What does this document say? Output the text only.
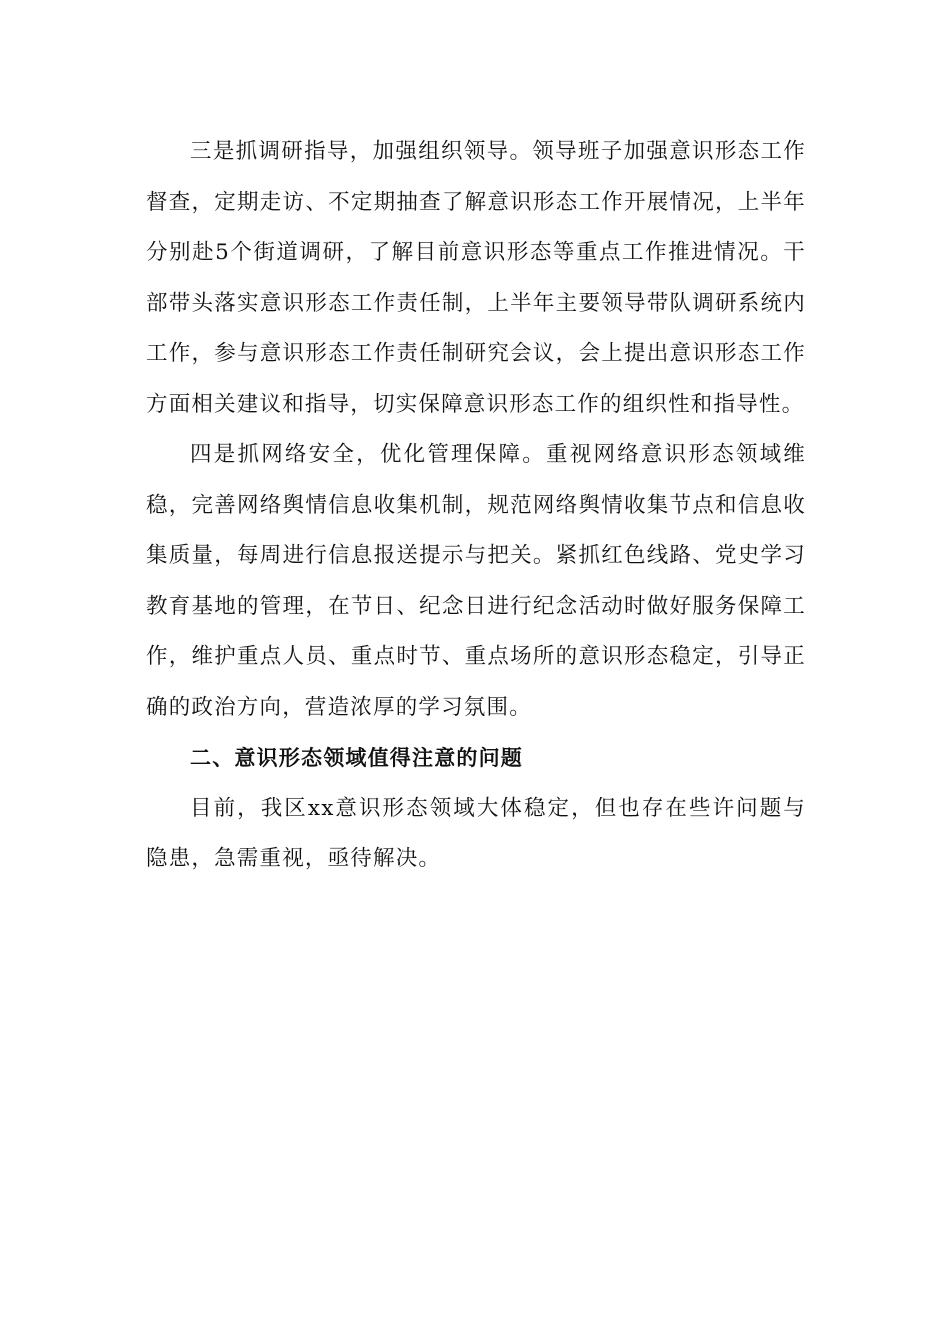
三是抓调研指导，加强组织领导。领导班子加强意识形态工作督查，定期走访、不定期抽查了解意识形态工作开展情况，上半年分别赴5个街道调研，了解目前意识形态等重点工作推进情况。干部带头落实意识形态工作责任制，上半年主要领导带队调研系统内工作，参与意识形态工作责任制研究会议，会上提出意识形态工作方面相关建议和指导，切实保障意识形态工作的组织性和指导性。

四是抓网络安全，优化管理保障。重视网络意识形态领域维稳，完善网络舆情信息收集机制，规范网络舆情收集节点和信息收集质量，每周进行信息报送提示与把关。紧抓红色线路、党史学习教育基地的管理，在节日、纪念日进行纪念活动时做好服务保障工作，维护重点人员、重点时节、重点场所的意识形态稳定，引导正确的政治方向，营造浓厚的学习氛围。

二、意识形态领域值得注意的问题

目前，我区xx意识形态领域大体稳定，但也存在些许问题与隐患，急需重视，亟待解决。
